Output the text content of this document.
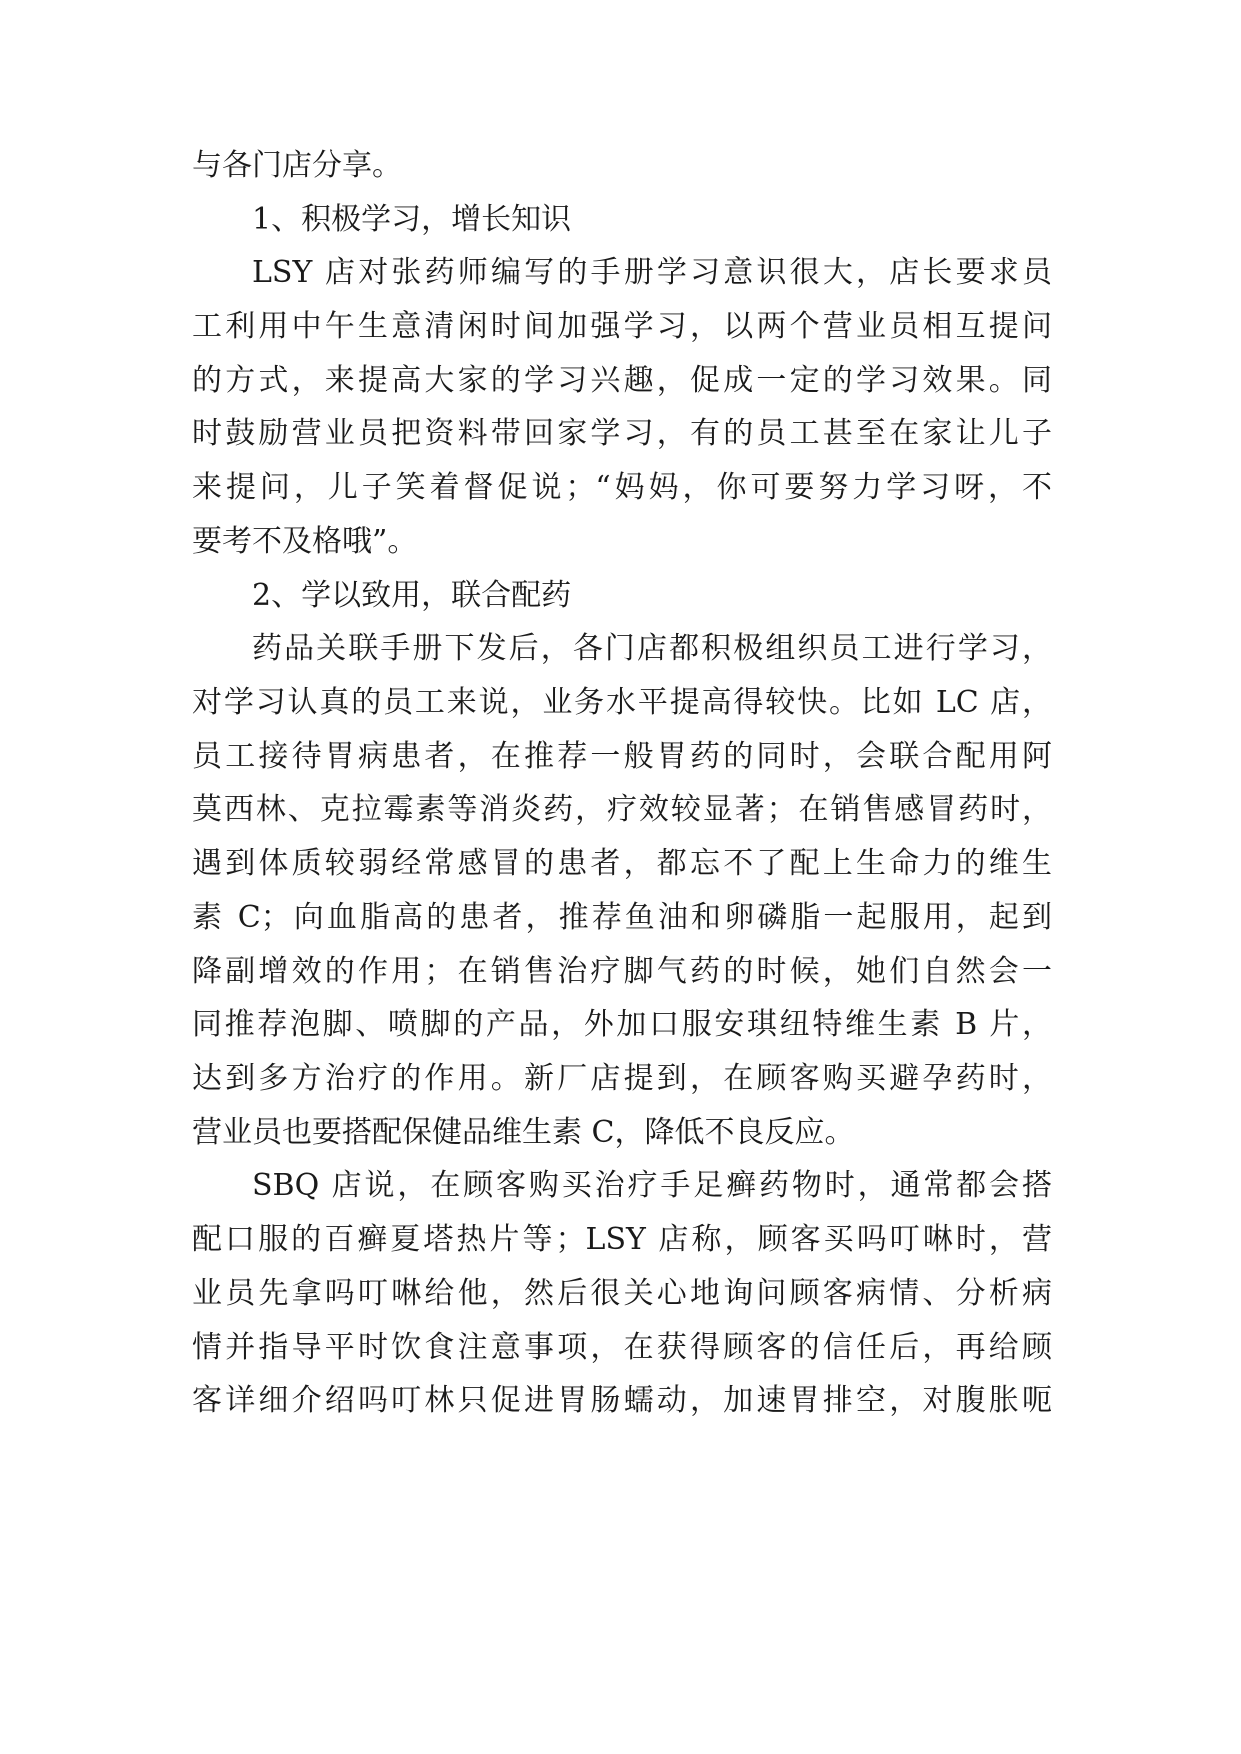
与各门店分享。
1、积极学习，增长知识
LSY 店对张药师编写的手册学习意识很大，店长要求员
工利用中午生意清闲时间加强学习，以两个营业员相互提问
的方式，来提高大家的学习兴趣，促成一定的学习效果。同
时鼓励营业员把资料带回家学习，有的员工甚至在家让儿子
来提问，儿子笑着督促说；“妈妈，你可要努力学习呀，不
要考不及格哦”。
2、学以致用，联合配药
药品关联手册下发后，各门店都积极组织员工进行学习，
对学习认真的员工来说，业务水平提高得较快。比如 LC 店，
员工接待胃病患者，在推荐一般胃药的同时，会联合配用阿
莫西林、克拉霉素等消炎药，疗效较显著；在销售感冒药时，
遇到体质较弱经常感冒的患者，都忘不了配上生命力的维生
素 C；向血脂高的患者，推荐鱼油和卵磷脂一起服用，起到
降副增效的作用；在销售治疗脚气药的时候，她们自然会一
同推荐泡脚、喷脚的产品，外加口服安琪纽特维生素 B 片，
达到多方治疗的作用。新厂店提到，在顾客购买避孕药时，
营业员也要搭配保健品维生素 C，降低不良反应。
SBQ 店说，在顾客购买治疗手足癣药物时，通常都会搭
配口服的百癣夏塔热片等；LSY 店称，顾客买吗叮啉时，营
业员先拿吗叮啉给他，然后很关心地询问顾客病情、分析病
情并指导平时饮食注意事项，在获得顾客的信任后，再给顾
客详细介绍吗叮林只促进胃肠蠕动，加速胃排空，对腹胀呃
